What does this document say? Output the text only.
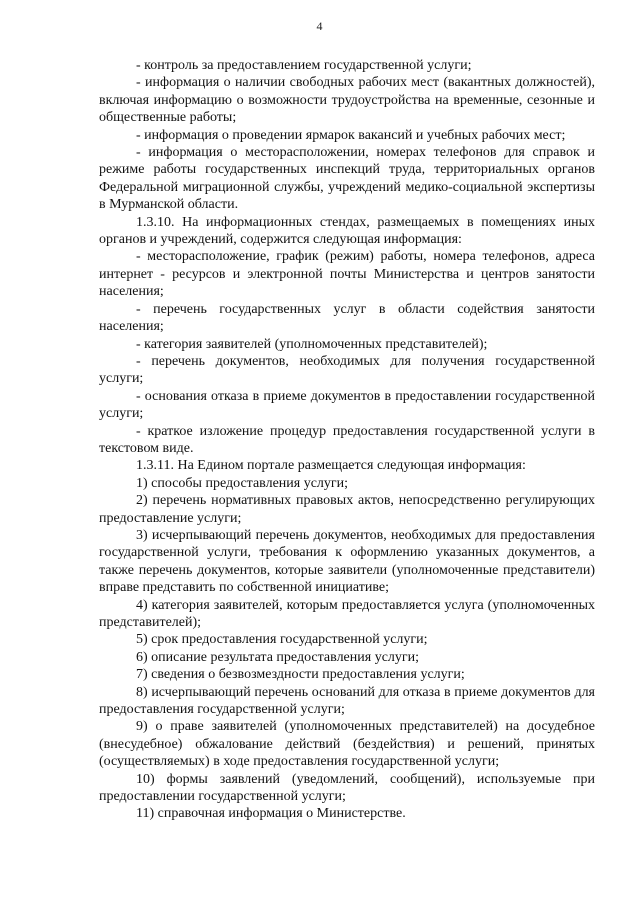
4

- контроль за предоставлением государственной услуги;

- информация о наличии свободных рабочих мест (вакантных должностей), включая информацию о возможности трудоустройства на временные, сезонные и общественные работы;

- информация о проведении ярмарок вакансий и учебных рабочих мест;

- информация о месторасположении, номерах телефонов для справок и режиме работы государственных инспекций труда, территориальных органов Федеральной миграционной службы, учреждений медико-социальной экспертизы в Мурманской области.

1.3.10. На информационных стендах, размещаемых в помещениях иных органов и учреждений, содержится следующая информация:

- месторасположение, график (режим) работы, номера телефонов, адреса интернет - ресурсов и электронной почты Министерства и центров занятости населения;

- перечень государственных услуг в области содействия занятости населения;

- категория заявителей (уполномоченных представителей);

- перечень документов, необходимых для получения государственной услуги;

- основания отказа в приеме документов в предоставлении государственной услуги;

- краткое изложение процедур предоставления государственной услуги в текстовом виде.

1.3.11. На Едином портале размещается следующая информация:

1) способы предоставления услуги;

2) перечень нормативных правовых актов, непосредственно регулирующих предоставление услуги;

3) исчерпывающий перечень документов, необходимых для предоставления государственной услуги, требования к оформлению указанных документов, а также перечень документов, которые заявители (уполномоченные представители) вправе представить по собственной инициативе;

4) категория заявителей, которым предоставляется услуга (уполномоченных представителей);

5) срок предоставления государственной услуги;

6) описание результата предоставления услуги;

7) сведения о безвозмездности предоставления услуги;

8) исчерпывающий перечень оснований для отказа в приеме документов для предоставления государственной услуги;

9) о праве заявителей (уполномоченных представителей) на досудебное (внесудебное) обжалование действий (бездействия) и решений, принятых (осуществляемых) в ходе предоставления государственной услуги;

10) формы заявлений (уведомлений, сообщений), используемые при предоставлении государственной услуги;

11) справочная информация о Министерстве.
